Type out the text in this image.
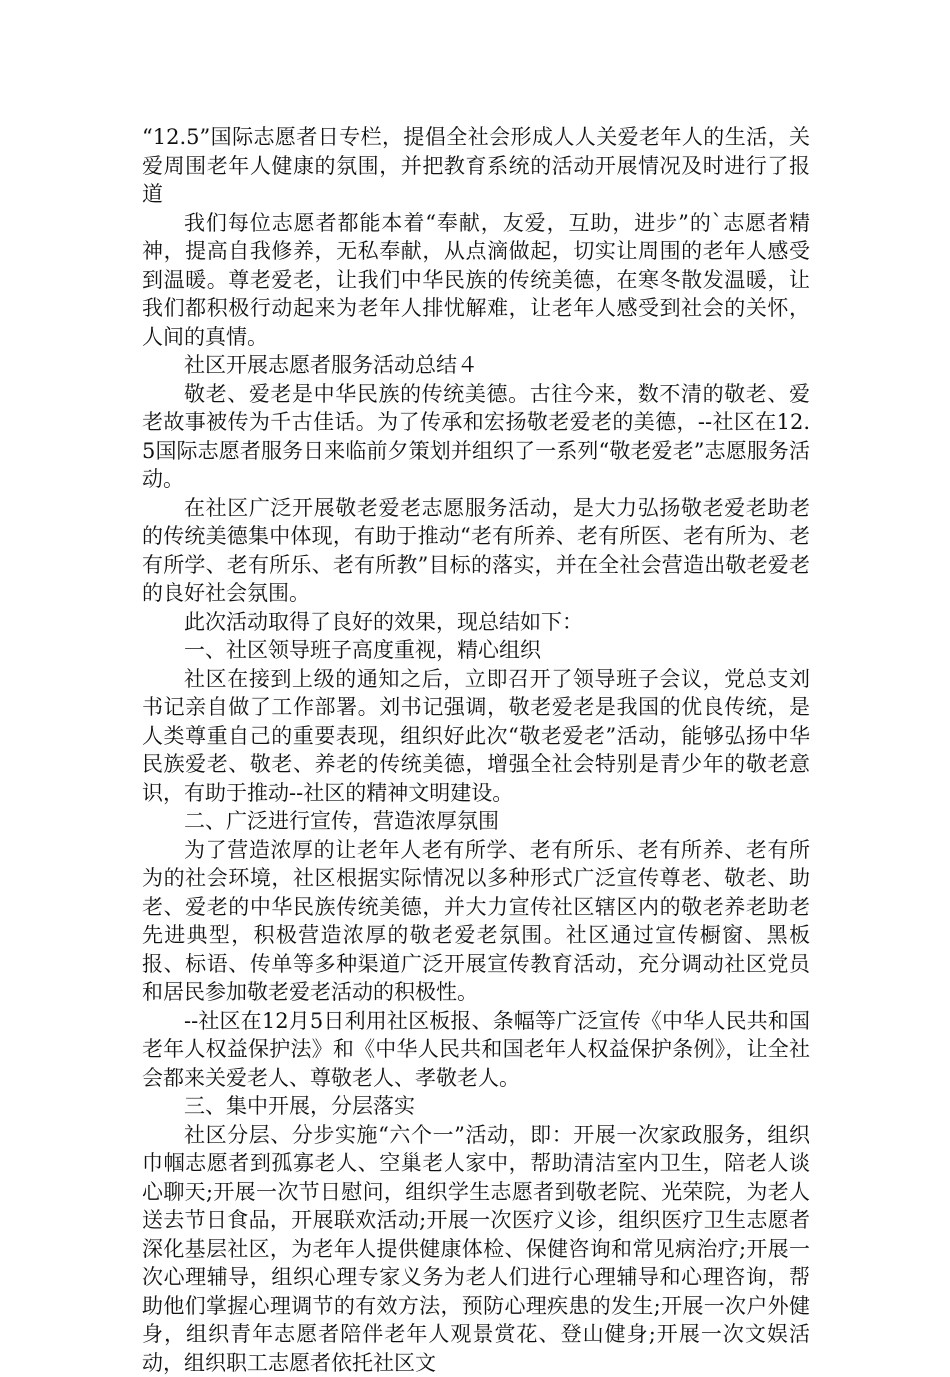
“12.5”国际志愿者日专栏，提倡全社会形成人人关爱老年人的生活，关爱周围老年人健康的氛围，并把教育系统的活动开展情况及时进行了报道

我们每位志愿者都能本着“奉献，友爱，互助，进步”的`志愿者精神，提高自我修养，无私奉献，从点滴做起，切实让周围的老年人感受到温暖。尊老爱老，让我们中华民族的传统美德，在寒冬散发温暖，让我们都积极行动起来为老年人排忧解难，让老年人感受到社会的关怀，人间的真情。

社区开展志愿者服务活动总结４

敬老、爱老是中华民族的传统美德。古往今来，数不清的敬老、爱老故事被传为千古佳话。为了传承和宏扬敬老爱老的美德，--社区在12.5国际志愿者服务日来临前夕策划并组织了一系列“敬老爱老”志愿服务活动。

在社区广泛开展敬老爱老志愿服务活动，是大力弘扬敬老爱老助老的传统美德集中体现，有助于推动“老有所养、老有所医、老有所为、老有所学、老有所乐、老有所教”目标的落实，并在全社会营造出敬老爱老的良好社会氛围。

此次活动取得了良好的效果，现总结如下：

一、社区领导班子高度重视，精心组织

社区在接到上级的通知之后，立即召开了领导班子会议，党总支刘书记亲自做了工作部署。刘书记强调，敬老爱老是我国的优良传统，是人类尊重自己的重要表现，组织好此次“敬老爱老”活动，能够弘扬中华民族爱老、敬老、养老的传统美德，增强全社会特别是青少年的敬老意识，有助于推动--社区的精神文明建设。

二、广泛进行宣传，营造浓厚氛围

为了营造浓厚的让老年人老有所学、老有所乐、老有所养、老有所为的社会环境，社区根据实际情况以多种形式广泛宣传尊老、敬老、助老、爱老的中华民族传统美德，并大力宣传社区辖区内的敬老养老助老先进典型，积极营造浓厚的敬老爱老氛围。社区通过宣传橱窗、黑板报、标语、传单等多种渠道广泛开展宣传教育活动，充分调动社区党员和居民参加敬老爱老活动的积极性。

--社区在12月5日利用社区板报、条幅等广泛宣传《中华人民共和国老年人权益保护法》和《中华人民共和国老年人权益保护条例》，让全社会都来关爱老人、尊敬老人、孝敬老人。

三、集中开展，分层落实

社区分层、分步实施“六个一”活动，即：开展一次家政服务，组织巾帼志愿者到孤寡老人、空巢老人家中，帮助清洁室内卫生，陪老人谈心聊天;开展一次节日慰问，组织学生志愿者到敬老院、光荣院，为老人送去节日食品，开展联欢活动;开展一次医疗义诊，组织医疗卫生志愿者深化基层社区，为老年人提供健康体检、保健咨询和常见病治疗;开展一次心理辅导，组织心理专家义务为老人们进行心理辅导和心理咨询，帮助他们掌握心理调节的有效方法，预防心理疾患的发生;开展一次户外健身，组织青年志愿者陪伴老年人观景赏花、登山健身;开展一次文娱活动，组织职工志愿者依托社区文
